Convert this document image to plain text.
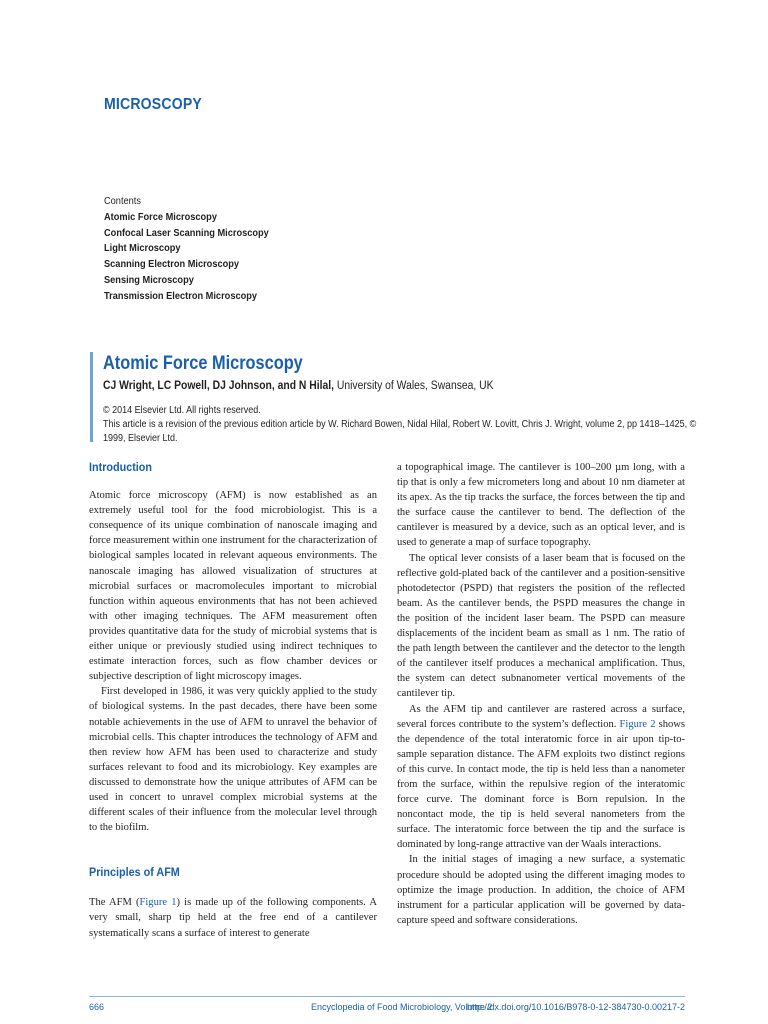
MICROSCOPY
Contents
Atomic Force Microscopy
Confocal Laser Scanning Microscopy
Light Microscopy
Scanning Electron Microscopy
Sensing Microscopy
Transmission Electron Microscopy
Atomic Force Microscopy
CJ Wright, LC Powell, DJ Johnson, and N Hilal, University of Wales, Swansea, UK
© 2014 Elsevier Ltd. All rights reserved.
This article is a revision of the previous edition article by W. Richard Bowen, Nidal Hilal, Robert W. Lovitt, Chris J. Wright, volume 2, pp 1418–1425, © 1999, Elsevier Ltd.
Introduction

Atomic force microscopy (AFM) is now established as an extremely useful tool for the food microbiologist. This is a consequence of its unique combination of nanoscale imaging and force measurement within one instrument for the characterization of biological samples located in relevant aqueous environments. The nanoscale imaging has allowed visualization of structures at microbial surfaces or macromolecules important to microbial function within aqueous environments that has not been achieved with other imaging techniques. The AFM measurement often provides quantitative data for the study of microbial systems that is either unique or previously studied using indirect techniques to estimate interaction forces, such as flow chamber devices or subjective description of light microscopy images.

First developed in 1986, it was very quickly applied to the study of biological systems. In the past decades, there have been some notable achievements in the use of AFM to unravel the behavior of microbial cells. This chapter introduces the technology of AFM and then review how AFM has been used to characterize and study surfaces relevant to food and its microbiology. Key examples are discussed to demonstrate how the unique attributes of AFM can be used in concert to unravel complex microbial systems at the different scales of their influence from the molecular level through to the biofilm.

Principles of AFM

The AFM (Figure 1) is made up of the following components. A very small, sharp tip held at the free end of a cantilever systematically scans a surface of interest to generate

a topographical image. The cantilever is 100–200 µm long, with a tip that is only a few micrometers long and about 10 nm diameter at its apex. As the tip tracks the surface, the forces between the tip and the surface cause the cantilever to bend. The deflection of the cantilever is measured by a device, such as an optical lever, and is used to generate a map of surface topography.

The optical lever consists of a laser beam that is focused on the reflective gold-plated back of the cantilever and a position-sensitive photodetector (PSPD) that registers the position of the reflected beam. As the cantilever bends, the PSPD measures the change in the position of the incident laser beam. The PSPD can measure displacements of the incident beam as small as 1 nm. The ratio of the path length between the cantilever and the detector to the length of the cantilever itself produces a mechanical amplification. Thus, the system can detect subnanometer vertical movements of the cantilever tip.

As the AFM tip and cantilever are rastered across a surface, several forces contribute to the system’s deflection. Figure 2 shows the dependence of the total interatomic force in air upon tip-to-sample separation distance. The AFM exploits two distinct regions of this curve. In contact mode, the tip is held less than a nanometer from the surface, within the repulsive region of the interatomic force curve. The dominant force is Born repulsion. In the noncontact mode, the tip is held several nanometers from the surface. The interatomic force between the tip and the surface is dominated by long-range attractive van der Waals interactions.

In the initial stages of imaging a new surface, a systematic procedure should be adopted using the different imaging modes to optimize the image production. In addition, the choice of AFM instrument for a particular application will be governed by data-capture speed and software considerations.

666	Encyclopedia of Food Microbiology, Volume 2
http://dx.doi.org/10.1016/B978-0-12-384730-0.00217-2
